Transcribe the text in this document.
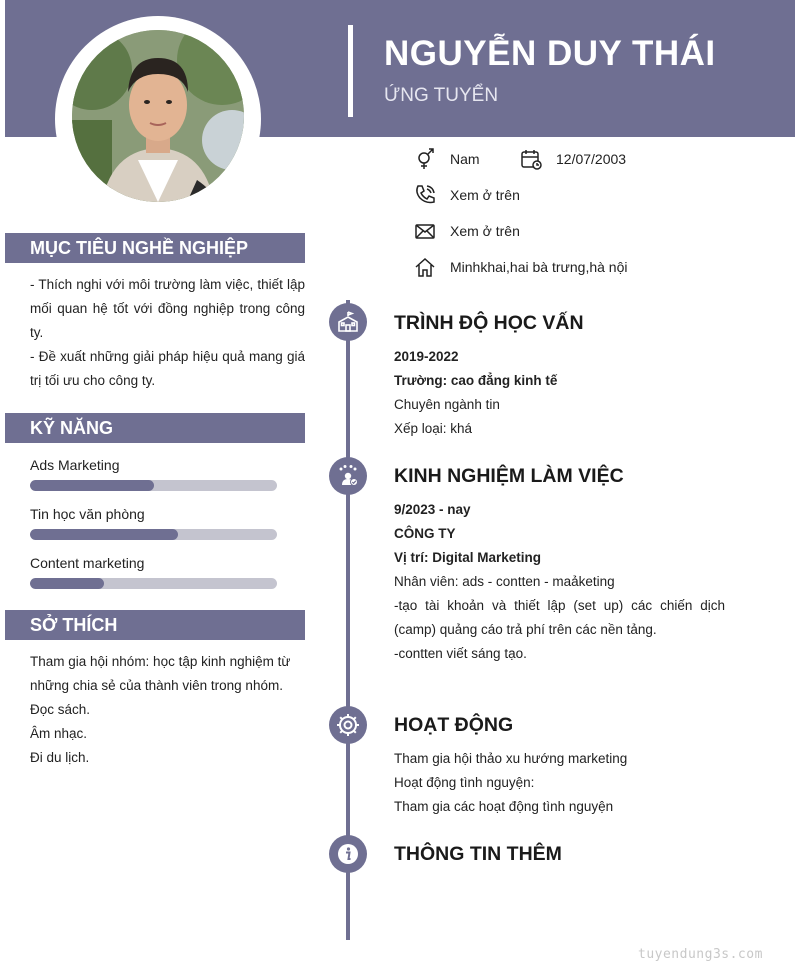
NGUYỄN DUY THÁI
ỨNG TUYỂN
Nam	12/07/2003
Xem ở trên
Xem ở trên
Minhkhai,hai bà trưng,hà nội
MỤC TIÊU NGHỀ NGHIỆP
- Thích nghi với môi trường làm việc, thiết lập mối quan hệ tốt với đồng nghiệp trong công ty.
- Đề xuất những giải pháp hiệu quả mang giá trị tối ưu cho công ty.
KỸ NĂNG
Ads Marketing
Tin học văn phòng
Content marketing
SỞ THÍCH
Tham gia hội nhóm: học tập kinh nghiệm từ những chia sẻ của thành viên trong nhóm.
Đọc sách.
Âm nhạc.
Đi du lịch.
TRÌNH ĐỘ HỌC VẤN
2019-2022
Trường: cao đẳng kinh tế
Chuyên ngành tin
Xếp loại: khá
KINH NGHIỆM LÀM VIỆC
9/2023 - nay
CÔNG TY
Vị trí: Digital Marketing
Nhân viên: ads - contten - maảketing
-tạo tài khoản và thiết lập (set up) các chiến dịch (camp) quảng cáo trả phí trên các nền tảng.
-contten viết sáng tạo.
HOẠT ĐỘNG
Tham gia hội thảo xu hướng marketing
Hoạt động tình nguyện:
Tham gia các hoạt động tình nguyện
THÔNG TIN THÊM
tuyendung3s.com
